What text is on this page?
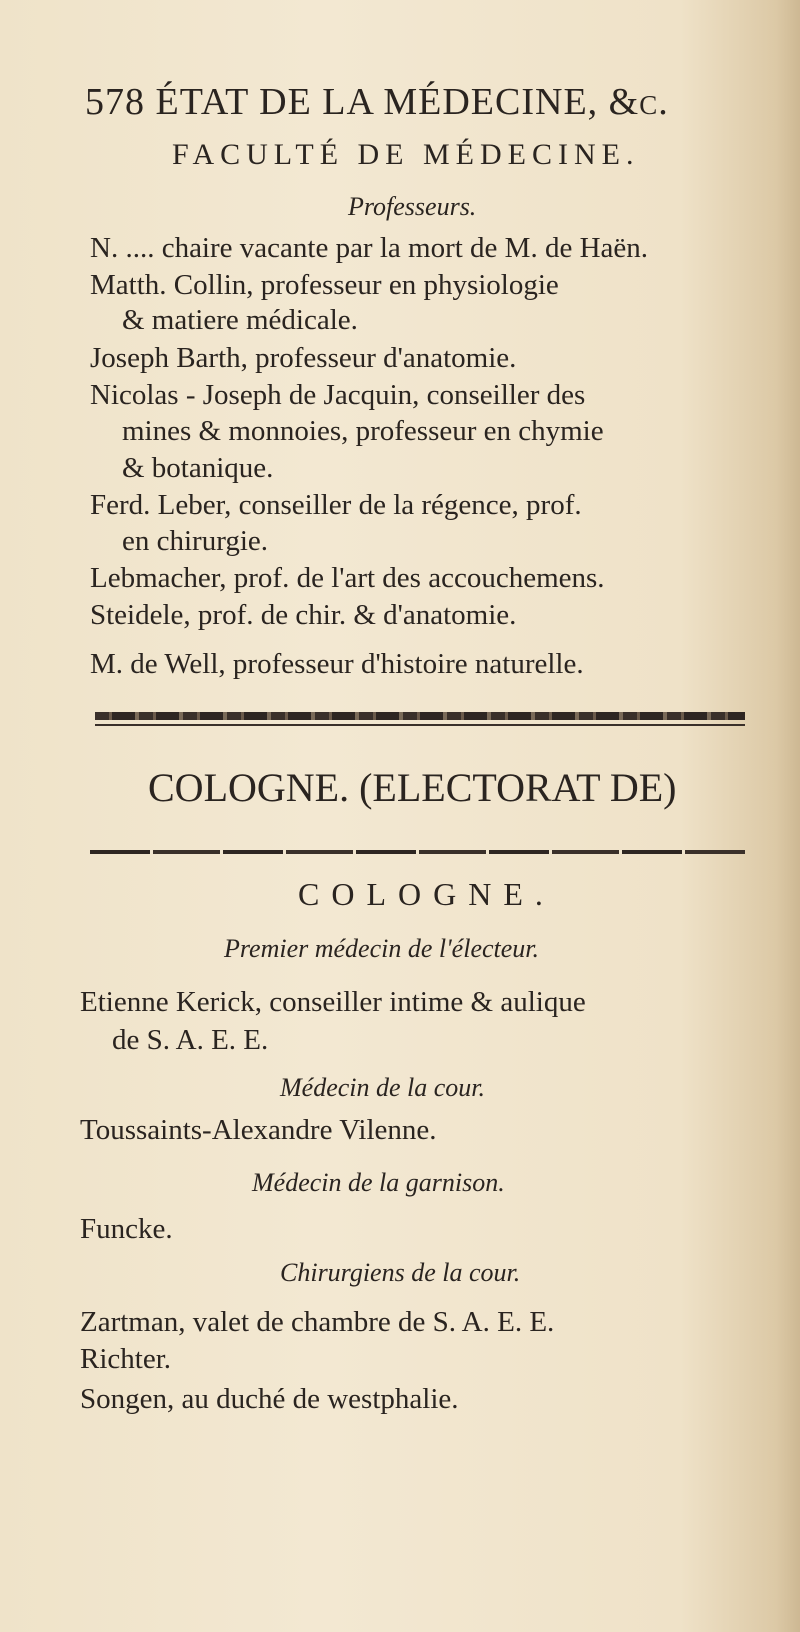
578 ÉTAT DE LA MÉDECINE, &c.
FACULTÉ DE MÉDECINE.
Professeurs.
N. .... chaire vacante par la mort de M. de Haën.
Matth. Collin, professeur en physiologie
& matiere médicale.
Joseph Barth, professeur d'anatomie.
Nicolas - Joseph de Jacquin, conseiller des
mines & monnoies, professeur en chymie
& botanique.
Ferd. Leber, conseiller de la régence, prof.
en chirurgie.
Lebmacher, prof. de l'art des accouchemens.
Steidele, prof. de chir. & d'anatomie.
M. de Well, professeur d'histoire naturelle.
COLOGNE. (ELECTORAT DE)
COLOGNE.
Premier médecin de l'électeur.
Etienne Kerick, conseiller intime & aulique
de S. A. E. E.
Médecin de la cour.
Toussaints-Alexandre Vilenne.
Médecin de la garnison.
Funcke.
Chirurgiens de la cour.
Zartman, valet de chambre de S. A. E. E.
Richter.
Songen, au duché de westphalie.
